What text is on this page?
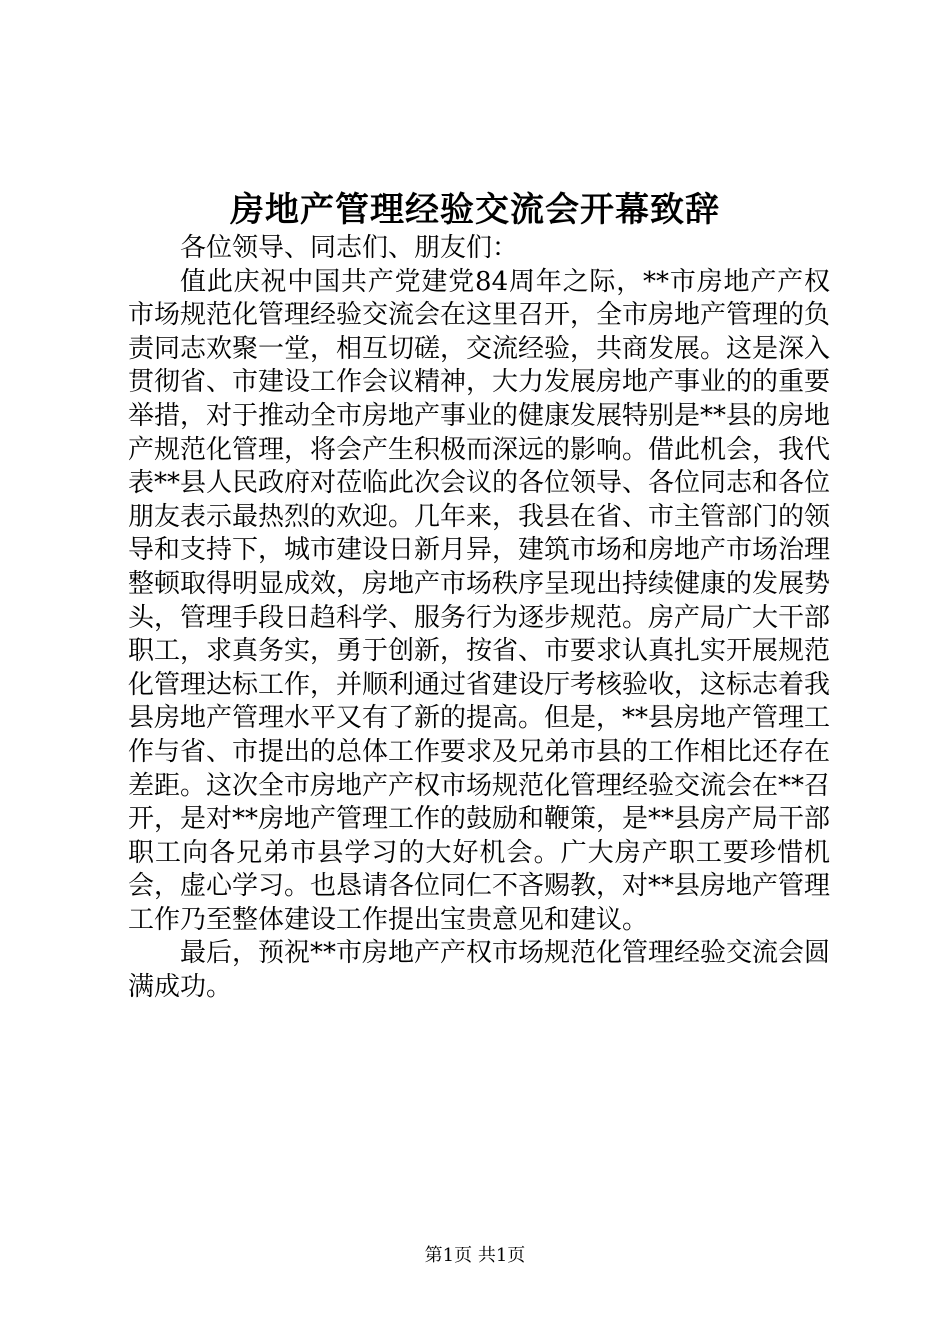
房地产管理经验交流会开幕致辞

各位领导、同志们、朋友们：

值此庆祝中国共产党建党84周年之际，**市房地产产权市场规范化管理经验交流会在这里召开，全市房地产管理的负责同志欢聚一堂，相互切磋，交流经验，共商发展。这是深入贯彻省、市建设工作会议精神，大力发展房地产事业的的重要举措，对于推动全市房地产事业的健康发展特别是**县的房地产规范化管理，将会产生积极而深远的影响。借此机会，我代表**县人民政府对莅临此次会议的各位领导、各位同志和各位朋友表示最热烈的欢迎。几年来，我县在省、市主管部门的领导和支持下，城市建设日新月异，建筑市场和房地产市场治理整顿取得明显成效，房地产市场秩序呈现出持续健康的发展势头，管理手段日趋科学、服务行为逐步规范。房产局广大干部职工，求真务实，勇于创新，按省、市要求认真扎实开展规范化管理达标工作，并顺利通过省建设厅考核验收，这标志着我县房地产管理水平又有了新的提高。但是，**县房地产管理工作与省、市提出的总体工作要求及兄弟市县的工作相比还存在差距。这次全市房地产产权市场规范化管理经验交流会在**召开，是对**房地产管理工作的鼓励和鞭策，是**县房产局干部职工向各兄弟市县学习的大好机会。广大房产职工要珍惜机会，虚心学习。也恳请各位同仁不吝赐教，对**县房地产管理工作乃至整体建设工作提出宝贵意见和建议。

最后，预祝**市房地产产权市场规范化管理经验交流会圆满成功。

第1页 共1页
